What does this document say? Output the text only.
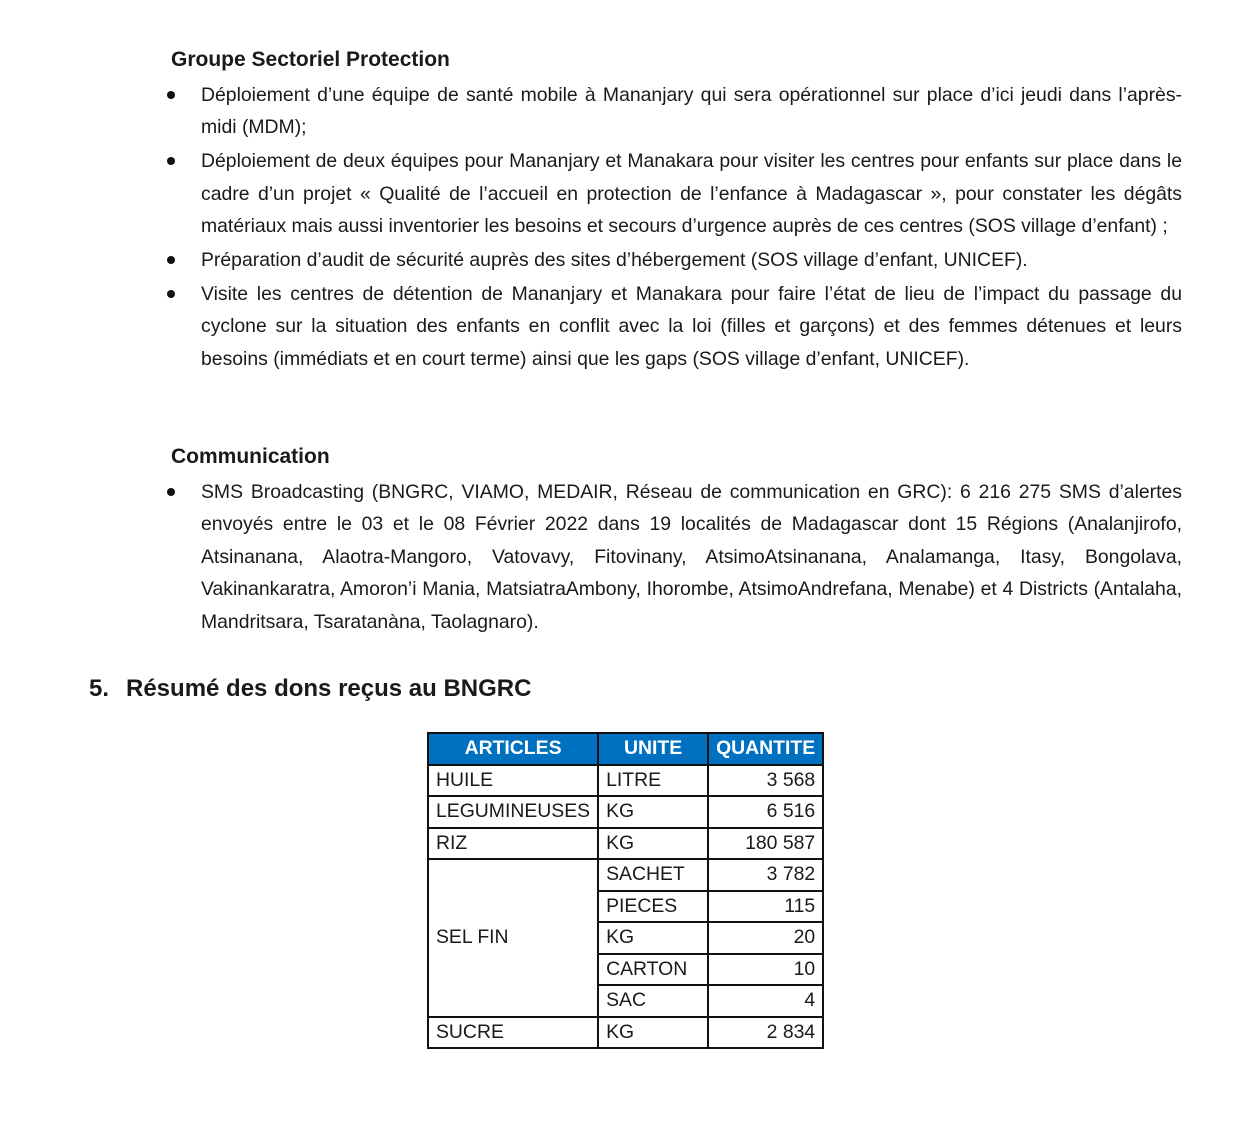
Groupe Sectoriel Protection
Déploiement d’une équipe de santé mobile à Mananjary qui sera opérationnel sur place d’ici jeudi dans l’après-midi (MDM);
Déploiement de deux équipes pour Mananjary et Manakara pour visiter les centres pour enfants sur place dans le cadre d’un projet « Qualité de l’accueil en protection de l’enfance à Madagascar », pour constater les dégâts matériaux mais aussi inventorier les besoins et secours d’urgence auprès de ces centres (SOS village d’enfant) ;
Préparation d’audit de sécurité auprès des sites d’hébergement (SOS village d’enfant, UNICEF).
Visite les centres de détention de Mananjary et Manakara pour faire l’état de lieu de l’impact du passage du cyclone sur la situation des enfants en conflit avec la loi (filles et garçons) et des femmes détenues et leurs besoins (immédiats et en court terme) ainsi que les gaps (SOS village d’enfant, UNICEF).
Communication
SMS Broadcasting (BNGRC, VIAMO, MEDAIR, Réseau de communication en GRC): 6 216 275 SMS d’alertes envoyés entre le 03 et le 08 Février 2022 dans 19 localités de Madagascar dont 15 Régions (Analanjirofo, Atsinanana, Alaotra-Mangoro, Vatovavy, Fitovinany, AtsimoAtsinanana, Analamanga, Itasy, Bongolava, Vakinankaratra, Amoron’i Mania, MatsiatraAmbony, Ihorombe, AtsimoAndrefana, Menabe) et 4 Districts (Antalaha, Mandritsara, Tsaratanàna, Taolagnaro).
5. Résumé des dons reçus au BNGRC
ARTICLES	UNITE	QUANTITE
HUILE	LITRE	3 568
LEGUMINEUSES	KG	6 516
RIZ	KG	180 587
SEL FIN	SACHET	3 782
	PIECES	115
	KG	20
	CARTON	10
	SAC	4
SUCRE	KG	2 834
